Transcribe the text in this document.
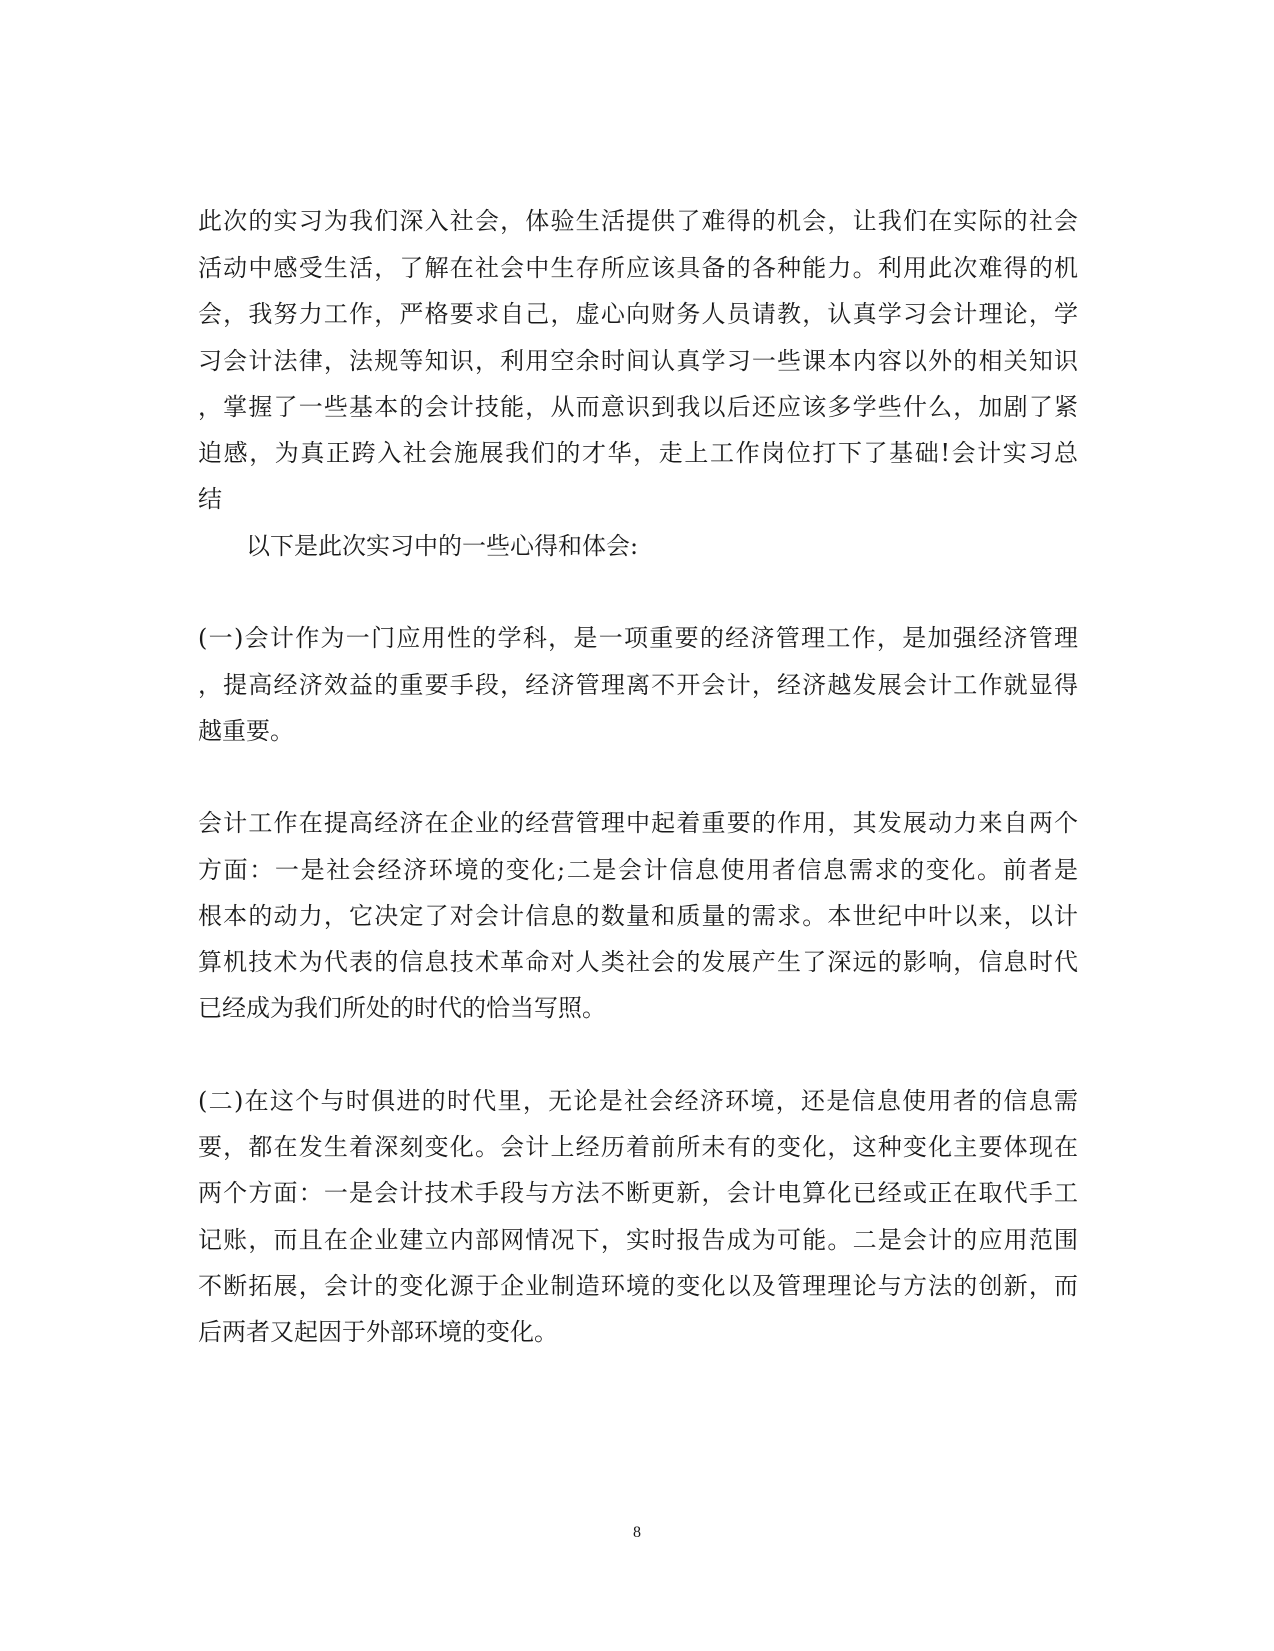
此次的实习为我们深入社会，体验生活提供了难得的机会，让我们在实际的社会
活动中感受生活，了解在社会中生存所应该具备的各种能力。利用此次难得的机
会，我努力工作，严格要求自己，虚心向财务人员请教，认真学习会计理论，学
习会计法律，法规等知识，利用空余时间认真学习一些课本内容以外的相关知识
，掌握了一些基本的会计技能，从而意识到我以后还应该多学些什么，加剧了紧
迫感，为真正跨入社会施展我们的才华，走上工作岗位打下了基础!会计实习总
结
以下是此次实习中的一些心得和体会:
(一)会计作为一门应用性的学科，是一项重要的经济管理工作，是加强经济管理
，提高经济效益的重要手段，经济管理离不开会计，经济越发展会计工作就显得
越重要。
会计工作在提高经济在企业的经营管理中起着重要的作用，其发展动力来自两个
方面：一是社会经济环境的变化;二是会计信息使用者信息需求的变化。前者是
根本的动力，它决定了对会计信息的数量和质量的需求。本世纪中叶以来，以计
算机技术为代表的信息技术革命对人类社会的发展产生了深远的影响，信息时代
已经成为我们所处的时代的恰当写照。
(二)在这个与时俱进的时代里，无论是社会经济环境，还是信息使用者的信息需
要，都在发生着深刻变化。会计上经历着前所未有的变化，这种变化主要体现在
两个方面：一是会计技术手段与方法不断更新，会计电算化已经或正在取代手工
记账，而且在企业建立内部网情况下，实时报告成为可能。二是会计的应用范围
不断拓展，会计的变化源于企业制造环境的变化以及管理理论与方法的创新，而
后两者又起因于外部环境的变化。
8
